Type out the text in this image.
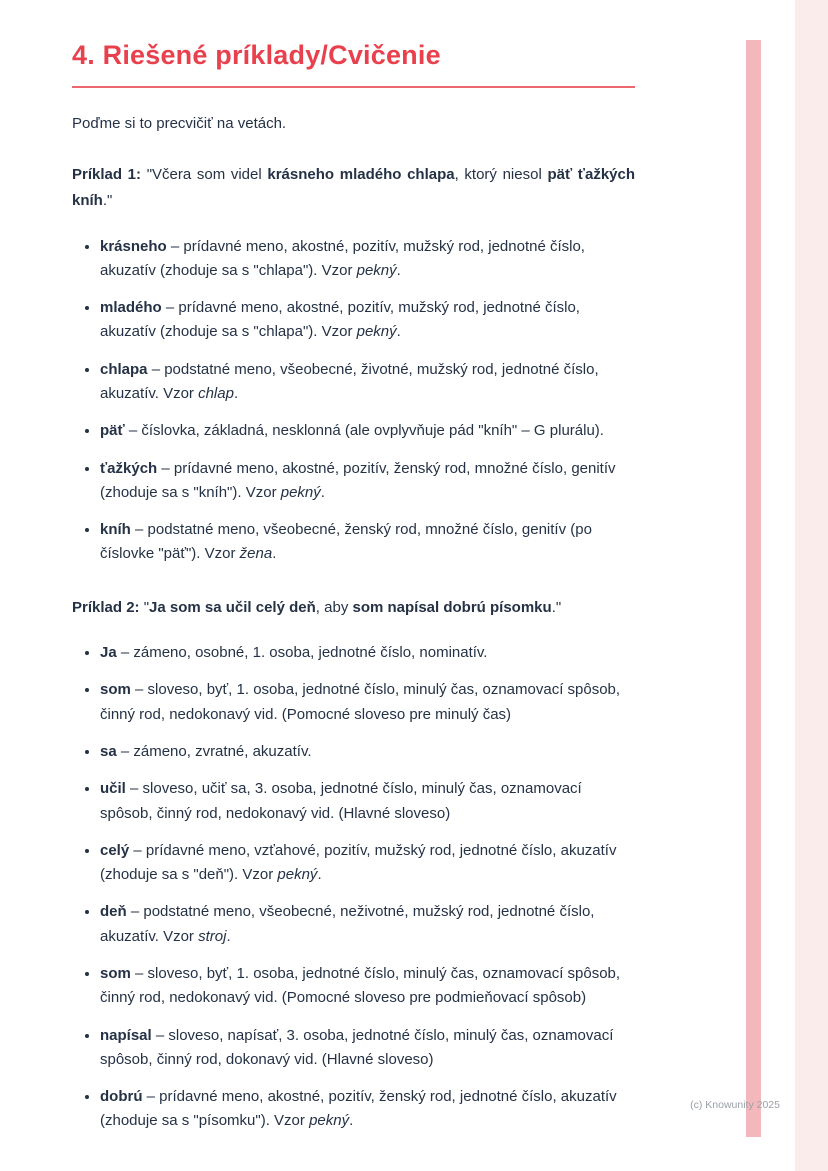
4. Riešené príklady/Cvičenie

Poďme si to precvičiť na vetách.

Príklad 1: "Včera som videl krásneho mladého chlapa, ktorý niesol päť ťažkých kníh."

• krásneho – prídavné meno, akostné, pozitív, mužský rod, jednotné číslo, akuzatív (zhoduje sa s "chlapa"). Vzor pekný.
• mladého – prídavné meno, akostné, pozitív, mužský rod, jednotné číslo, akuzatív (zhoduje sa s "chlapa"). Vzor pekný.
• chlapa – podstatné meno, všeobecné, životné, mužský rod, jednotné číslo, akuzatív. Vzor chlap.
• päť – číslovka, základná, nesklonná (ale ovplyvňuje pád "kníh" – G plurálu).
• ťažkých – prídavné meno, akostné, pozitív, ženský rod, množné číslo, genitív (zhoduje sa s "kníh"). Vzor pekný.
• kníh – podstatné meno, všeobecné, ženský rod, množné číslo, genitív (po číslovke "päť"). Vzor žena.

Príklad 2: "Ja som sa učil celý deň, aby som napísal dobrú písomku."

• Ja – zámeno, osobné, 1. osoba, jednotné číslo, nominatív.
• som – sloveso, byť, 1. osoba, jednotné číslo, minulý čas, oznamovací spôsob, činný rod, nedokonavý vid. (Pomocné sloveso pre minulý čas)
• sa – zámeno, zvratné, akuzatív.
• učil – sloveso, učiť sa, 3. osoba, jednotné číslo, minulý čas, oznamovací spôsob, činný rod, nedokonavý vid. (Hlavné sloveso)
• celý – prídavné meno, vzťahové, pozitív, mužský rod, jednotné číslo, akuzatív (zhoduje sa s "deň"). Vzor pekný.
• deň – podstatné meno, všeobecné, neživotné, mužský rod, jednotné číslo, akuzatív. Vzor stroj.
• som – sloveso, byť, 1. osoba, jednotné číslo, minulý čas, oznamovací spôsob, činný rod, nedokonavý vid. (Pomocné sloveso pre podmieňovací spôsob)
• napísal – sloveso, napísať, 3. osoba, jednotné číslo, minulý čas, oznamovací spôsob, činný rod, dokonavý vid. (Hlavné sloveso)
• dobrú – prídavné meno, akostné, pozitív, ženský rod, jednotné číslo, akuzatív (zhoduje sa s "písomku"). Vzor pekný.
(c) Knowunity 2025
